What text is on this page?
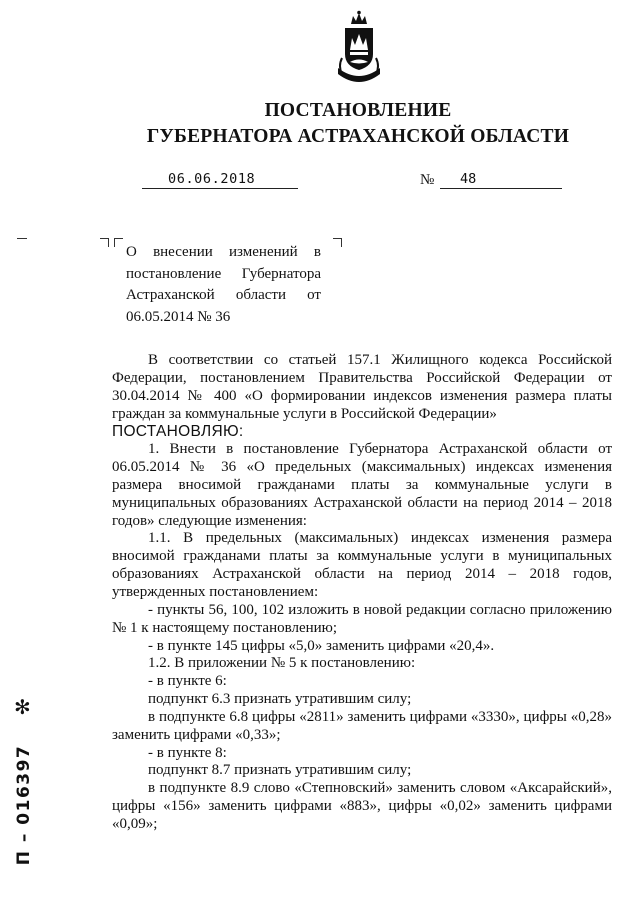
ПОСТАНОВЛЕНИЕ
ГУБЕРНАТОРА АСТРАХАНСКОЙ ОБЛАСТИ
06.06.2018	№ 48
О внесении изменений в постановление Губернатора Астраханской области от 06.05.2014 № 36

В соответствии со статьей 157.1 Жилищного кодекса Российской Федерации, постановлением Правительства Российской Федерации от 30.04.2014 № 400 «О формировании индексов изменения размера платы граждан за коммунальные услуги в Российской Федерации»

ПОСТАНОВЛЯЮ:

1. Внести в постановление Губернатора Астраханской области от 06.05.2014 № 36 «О предельных (максимальных) индексах изменения размера вносимой гражданами платы за коммунальные услуги в муниципальных образованиях Астраханской области на период 2014 – 2018 годов» следующие изменения:

1.1. В предельных (максимальных) индексах изменения размера вносимой гражданами платы за коммунальные услуги в муниципальных образованиях Астраханской области на период 2014 – 2018 годов, утвержденных постановлением:

- пункты 56, 100, 102 изложить в новой редакции согласно приложению № 1 к настоящему постановлению;

- в пункте 145 цифры «5,0» заменить цифрами «20,4».

1.2. В приложении № 5 к постановлению:

- в пункте 6:

подпункт 6.3 признать утратившим силу;

в подпункте 6.8 цифры «2811» заменить цифрами «3330», цифры «0,28» заменить цифрами «0,33»;

- в пункте 8:

подпункт 8.7 признать утратившим силу;

в подпункте 8.9 слово «Степновский» заменить словом «Аксарайский», цифры «156» заменить цифрами «883», цифры «0,02» заменить цифрами «0,09»;

✻
П – 016397
